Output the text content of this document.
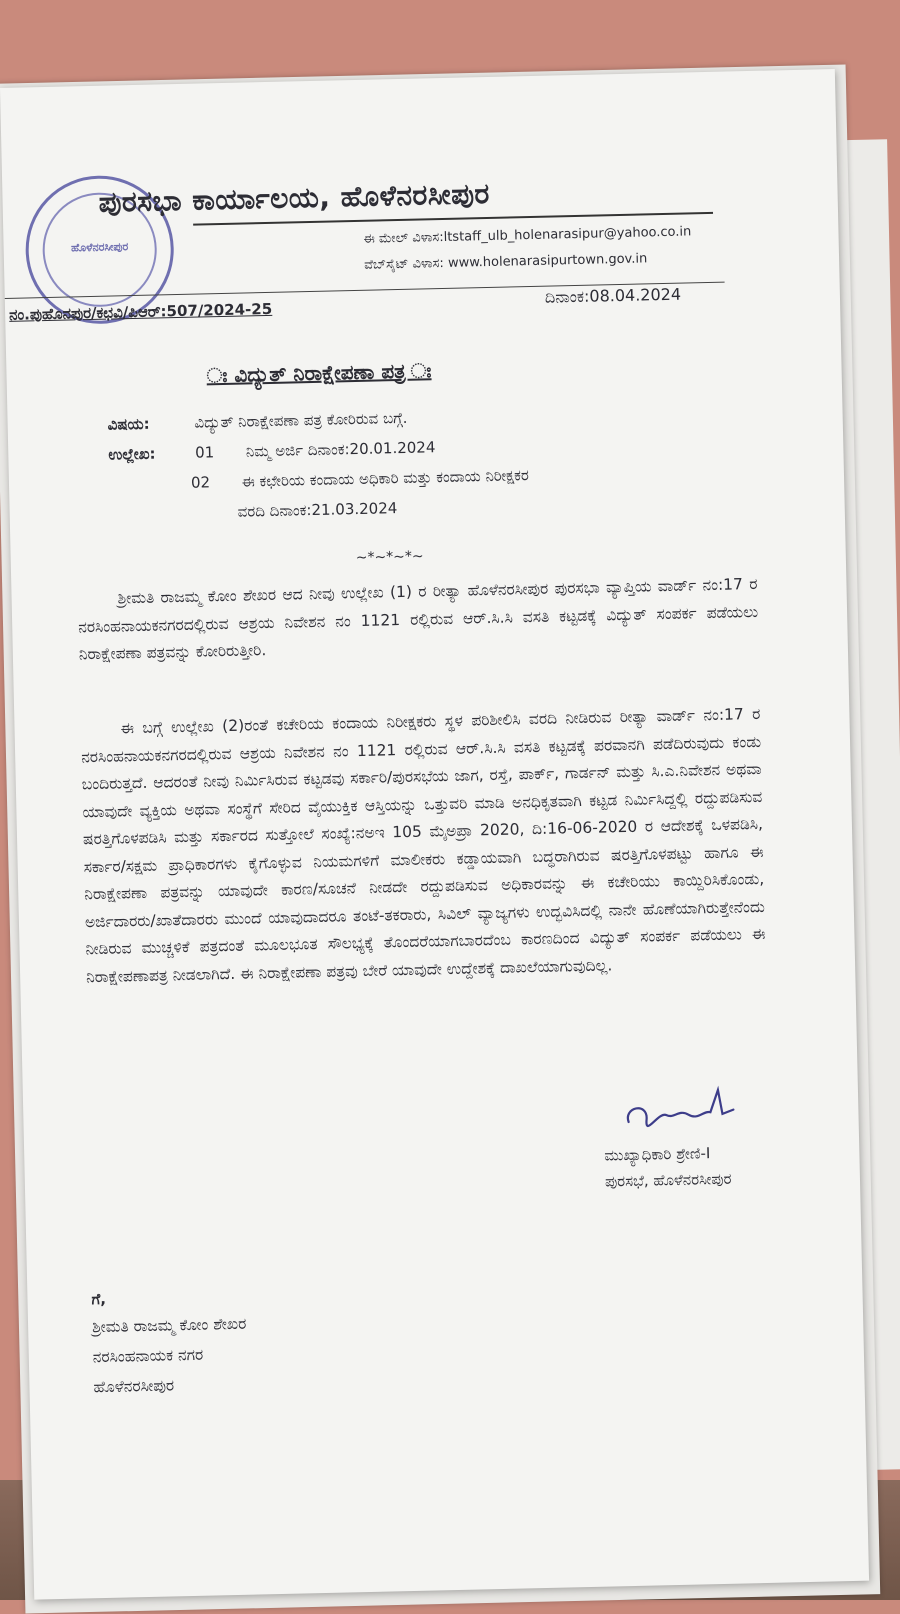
ಹೊಳೆನರಸೀಪುರ
ಪುರಸಭಾ ಕಾರ್ಯಾಲಯ, ಹೊಳೆನರಸೀಪುರ
ಈ ಮೇಲ್ ವಿಳಾಸ:ltstaff_ulb_holenarasipur@yahoo.co.in
ವೆಬ್‌ಸೈಟ್ ವಿಳಾಸ: www.holenarasipurtown.gov.in
ನಂ.ಪುಹೊನಪುರ/ಕಛವಿ/ಪಿಆರ್:507/2024-25
ದಿನಾಂಕ:08.04.2024
ಃ ವಿದ್ಯುತ್ ನಿರಾಕ್ಷೇಪಣಾ ಪತ್ರ ಃ
ವಿಷಯ:	ವಿದ್ಯುತ್ ನಿರಾಕ್ಷೇಪಣಾ ಪತ್ರ ಕೋರಿರುವ ಬಗ್ಗೆ.
ಉಲ್ಲೇಖ:	01 ನಿಮ್ಮ ಅರ್ಜಿ ದಿನಾಂಕ:20.01.2024
02 ಈ ಕಛೇರಿಯ ಕಂದಾಯ ಅಧಿಕಾರಿ ಮತ್ತು ಕಂದಾಯ ನಿರೀಕ್ಷಕರ
ವರದಿ ದಿನಾಂಕ:21.03.2024
~*~*~*~
ಶ್ರೀಮತಿ ರಾಜಮ್ಮ ಕೋಂ ಶೇಖರ ಆದ ನೀವು ಉಲ್ಲೇಖ (1) ರ ರೀತ್ಯಾ ಹೊಳೆನರಸೀಪುರ ಪುರಸಭಾ ವ್ಯಾಪ್ತಿಯ ವಾರ್ಡ್ ನಂ:17 ರ ನರಸಿಂಹನಾಯಕನಗರದಲ್ಲಿರುವ ಆಶ್ರಯ ನಿವೇಶನ ನಂ 1121 ರಲ್ಲಿರುವ ಆರ್.ಸಿ.ಸಿ ವಸತಿ ಕಟ್ಟಡಕ್ಕೆ ವಿದ್ಯುತ್ ಸಂಪರ್ಕ ಪಡೆಯಲು ನಿರಾಕ್ಷೇಪಣಾ ಪತ್ರವನ್ನು ಕೋರಿರುತ್ತೀರಿ.
ಈ ಬಗ್ಗೆ ಉಲ್ಲೇಖ (2)ರಂತೆ ಕಚೇರಿಯ ಕಂದಾಯ ನಿರೀಕ್ಷಕರು ಸ್ಥಳ ಪರಿಶೀಲಿಸಿ ವರದಿ ನೀಡಿರುವ ರೀತ್ಯಾ ವಾರ್ಡ್ ನಂ:17 ರ ನರಸಿಂಹನಾಯಕನಗರದಲ್ಲಿರುವ ಆಶ್ರಯ ನಿವೇಶನ ನಂ 1121 ರಲ್ಲಿರುವ ಆರ್.ಸಿ.ಸಿ ವಸತಿ ಕಟ್ಟಡಕ್ಕೆ ಪರವಾನಗಿ ಪಡೆದಿರುವುದು ಕಂಡು ಬಂದಿರುತ್ತದೆ. ಆದರಂತೆ ನೀವು ನಿರ್ಮಿಸಿರುವ ಕಟ್ಟಡವು ಸರ್ಕಾರಿ/ಪುರಸಭೆಯ ಜಾಗ, ರಸ್ತೆ, ಪಾರ್ಕ್, ಗಾರ್ಡನ್ ಮತ್ತು ಸಿ.ಎ.ನಿವೇಶನ ಅಥವಾ ಯಾವುದೇ ವ್ಯಕ್ತಿಯ ಅಥವಾ ಸಂಸ್ಥೆಗೆ ಸೇರಿದ ವೈಯುಕ್ತಿಕ ಆಸ್ತಿಯನ್ನು ಒತ್ತುವರಿ ಮಾಡಿ ಅನಧಿಕೃತವಾಗಿ ಕಟ್ಟಡ ನಿರ್ಮಿಸಿದ್ದಲ್ಲಿ ರದ್ದುಪಡಿಸುವ ಷರತ್ತಿಗೊಳಪಡಿಸಿ ಮತ್ತು ಸರ್ಕಾರದ ಸುತ್ತೋಲೆ ಸಂಖ್ಯೆ:ನಅಇ 105 ಮೈಅಪ್ರಾ 2020, ದಿ:16-06-2020 ರ ಆದೇಶಕ್ಕೆ ಒಳಪಡಿಸಿ, ಸರ್ಕಾರ/ಸಕ್ಷಮ ಪ್ರಾಧಿಕಾರಗಳು ಕೈಗೊಳ್ಳುವ ನಿಯಮಗಳಿಗೆ ಮಾಲೀಕರು ಕಡ್ಡಾಯವಾಗಿ ಬದ್ಧರಾಗಿರುವ ಷರತ್ತಿಗೊಳಪಟ್ಟು ಹಾಗೂ ಈ ನಿರಾಕ್ಷೇಪಣಾ ಪತ್ರವನ್ನು ಯಾವುದೇ ಕಾರಣ/ಸೂಚನೆ ನೀಡದೇ ರದ್ದುಪಡಿಸುವ ಅಧಿಕಾರವನ್ನು ಈ ಕಚೇರಿಯು ಕಾಯ್ದಿರಿಸಿಕೊಂಡು, ಅರ್ಜಿದಾರರು/ಖಾತೆದಾರರು ಮುಂದೆ ಯಾವುದಾದರೂ ತಂಟೆ-ತಕರಾರು, ಸಿವಿಲ್ ವ್ಯಾಜ್ಯಗಳು ಉದ್ಭವಿಸಿದಲ್ಲಿ ನಾನೇ ಹೊಣೆಯಾಗಿರುತ್ತೇನೆಂದು ನೀಡಿರುವ ಮುಚ್ಚಳಿಕೆ ಪತ್ರದಂತೆ ಮೂಲಭೂತ ಸೌಲಭ್ಯಕ್ಕೆ ತೊಂದರೆಯಾಗಬಾರದೆಂಬ ಕಾರಣದಿಂದ ವಿದ್ಯುತ್ ಸಂಪರ್ಕ ಪಡೆಯಲು ಈ ನಿರಾಕ್ಷೇಪಣಾಪತ್ರ ನೀಡಲಾಗಿದೆ. ಈ ನಿರಾಕ್ಷೇಪಣಾ ಪತ್ರವು ಬೇರೆ ಯಾವುದೇ ಉದ್ದೇಶಕ್ಕೆ ದಾಖಲೆಯಾಗುವುದಿಲ್ಲ.
ಮುಖ್ಯಾಧಿಕಾರಿ ಶ್ರೇಣಿ-I
ಪುರಸಭೆ, ಹೊಳೆನರಸೀಪುರ
ಗೆ,
ಶ್ರೀಮತಿ ರಾಜಮ್ಮ ಕೋಂ ಶೇಖರ
ನರಸಿಂಹನಾಯಕ ನಗರ
ಹೊಳೆನರಸೀಪುರ
